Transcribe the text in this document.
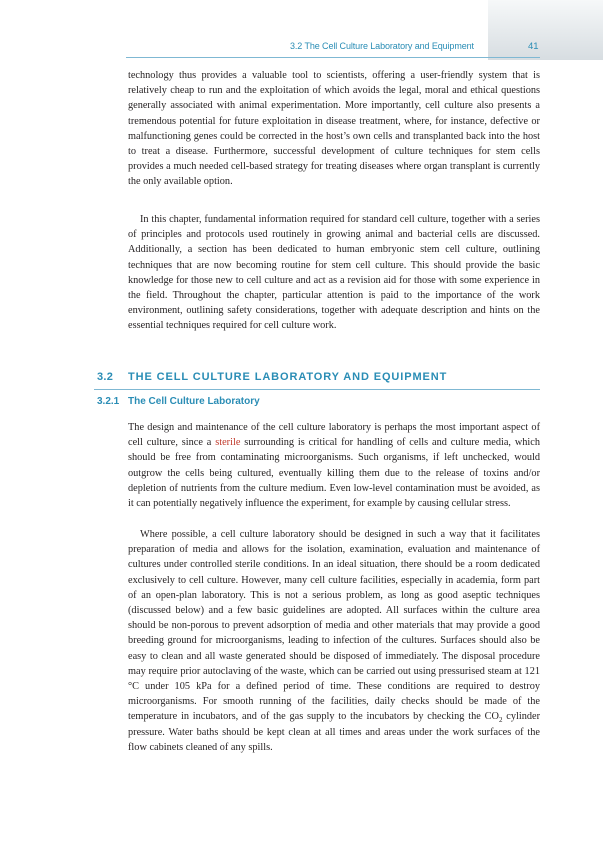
3.2 The Cell Culture Laboratory and Equipment	41

technology thus provides a valuable tool to scientists, offering a user-friendly system that is relatively cheap to run and the exploitation of which avoids the legal, moral and ethical questions generally associated with animal experimentation. More importantly, cell culture also presents a tremendous potential for future exploitation in disease treatment, where, for instance, defective or malfunctioning genes could be corrected in the host’s own cells and transplanted back into the host to treat a disease. Furthermore, successful development of culture techniques for stem cells provides a much needed cell-based strategy for treating diseases where organ transplant is currently the only available option.

In this chapter, fundamental information required for standard cell culture, together with a series of principles and protocols used routinely in growing animal and bacterial cells are discussed. Additionally, a section has been dedicated to human embryonic stem cell culture, outlining techniques that are now becoming routine for stem cell culture. This should provide the basic knowledge for those new to cell culture and act as a revision aid for those with some experience in the field. Throughout the chapter, particular attention is paid to the importance of the work environment, outlining safety considerations, together with adequate description and hints on the essential techniques required for cell culture work.

3.2 THE CELL CULTURE LABORATORY AND EQUIPMENT
3.2.1 The Cell Culture Laboratory

The design and maintenance of the cell culture laboratory is perhaps the most important aspect of cell culture, since a sterile surrounding is critical for handling of cells and culture media, which should be free from contaminating microorganisms. Such organisms, if left unchecked, would outgrow the cells being cultured, eventually killing them due to the release of toxins and/or depletion of nutrients from the culture medium. Even low-level contamination must be avoided, as it can potentially negatively influence the experiment, for example by causing cellular stress.

Where possible, a cell culture laboratory should be designed in such a way that it facilitates preparation of media and allows for the isolation, examination, evaluation and maintenance of cultures under controlled sterile conditions. In an ideal situation, there should be a room dedicated exclusively to cell culture. However, many cell culture facilities, especially in academia, form part of an open-plan laboratory. This is not a serious problem, as long as good aseptic techniques (discussed below) and a few basic guidelines are adopted. All surfaces within the culture area should be non-porous to prevent adsorption of media and other materials that may provide a good breeding ground for microorganisms, leading to infection of the cultures. Surfaces should also be easy to clean and all waste generated should be disposed of immediately. The disposal procedure may require prior autoclaving of the waste, which can be carried out using pressurised steam at 121 °C under 105 kPa for a defined period of time. These conditions are required to destroy microorganisms. For smooth running of the facilities, daily checks should be made of the temperature in incubators, and of the gas supply to the incubators by checking the $CO_2$ cylinder pressure. Water baths should be kept clean at all times and areas under the work surfaces of the flow cabinets cleaned of any spills.
